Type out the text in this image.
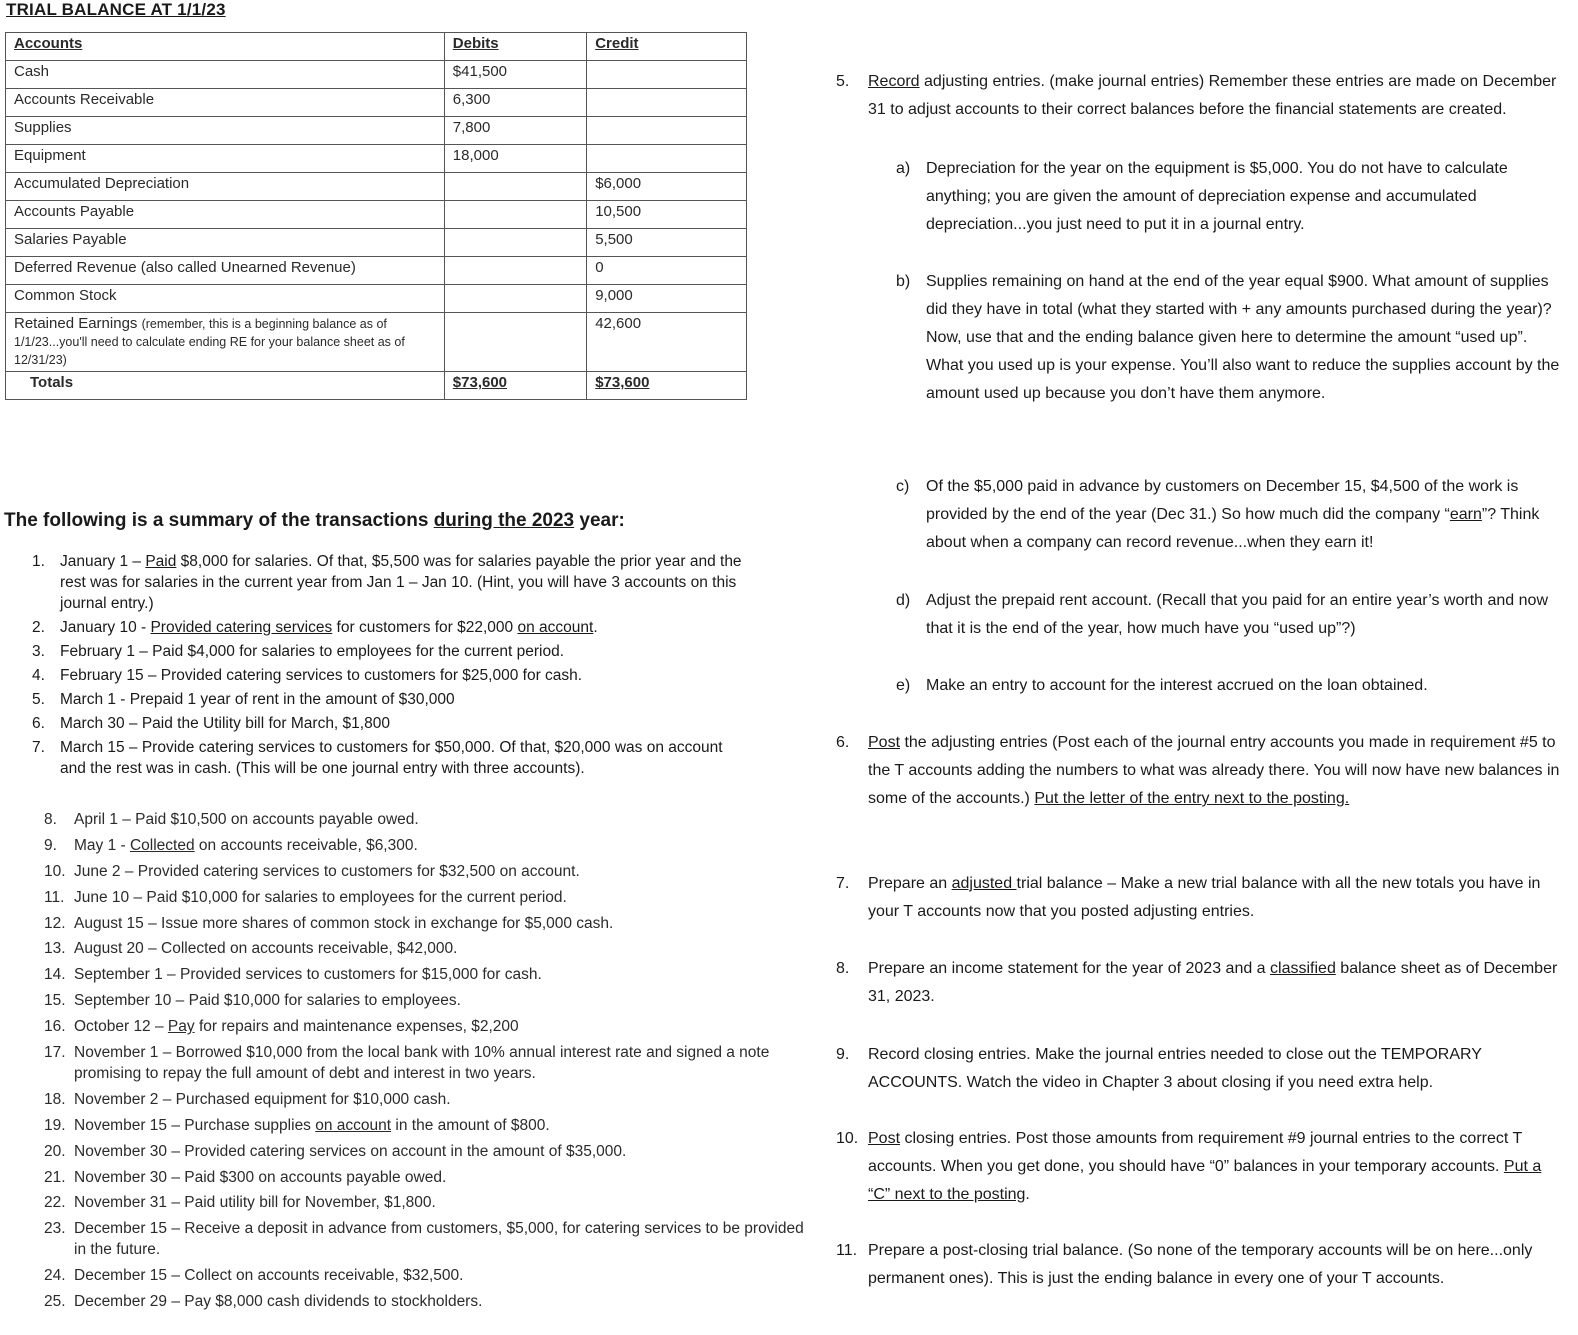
TRIAL BALANCE AT 1/1/23
Accounts	Debits	Credit
Cash	$41,500	
Accounts Receivable	6,300	
Supplies	7,800	
Equipment	18,000	
Accumulated Depreciation		$6,000
Accounts Payable		10,500
Salaries Payable		5,500
Deferred Revenue (also called Unearned Revenue)		0
Common Stock		9,000
Retained Earnings (remember, this is a beginning balance as of 1/1/23...you'll need to calculate ending RE for your balance sheet as of 12/31/23)		42,600
Totals	$73,600	$73,600
The following is a summary of the transactions during the 2023 year:
1. January 1 – Paid $8,000 for salaries. Of that, $5,500 was for salaries payable the prior year and the rest was for salaries in the current year from Jan 1 – Jan 10. (Hint, you will have 3 accounts on this journal entry.)
2. January 10 - Provided catering services for customers for $22,000 on account.
3. February 1 – Paid $4,000 for salaries to employees for the current period.
4. February 15 – Provided catering services to customers for $25,000 for cash.
5. March 1 - Prepaid 1 year of rent in the amount of $30,000
6. March 30 – Paid the Utility bill for March, $1,800
7. March 15 – Provide catering services to customers for $50,000. Of that, $20,000 was on account and the rest was in cash. (This will be one journal entry with three accounts).
8. April 1 – Paid $10,500 on accounts payable owed.
9. May 1 - Collected on accounts receivable, $6,300.
10. June 2 – Provided catering services to customers for $32,500 on account.
11. June 10 – Paid $10,000 for salaries to employees for the current period.
12. August 15 – Issue more shares of common stock in exchange for $5,000 cash.
13. August 20 – Collected on accounts receivable, $42,000.
14. September 1 – Provided services to customers for $15,000 for cash.
15. September 10 – Paid $10,000 for salaries to employees.
16. October 12 – Pay for repairs and maintenance expenses, $2,200
17. November 1 – Borrowed $10,000 from the local bank with 10% annual interest rate and signed a note promising to repay the full amount of debt and interest in two years.
18. November 2 – Purchased equipment for $10,000 cash.
19. November 15 – Purchase supplies on account in the amount of $800.
20. November 30 – Provided catering services on account in the amount of $35,000.
21. November 30 – Paid $300 on accounts payable owed.
22. November 31 – Paid utility bill for November, $1,800.
23. December 15 – Receive a deposit in advance from customers, $5,000, for catering services to be provided in the future.
24. December 15 – Collect on accounts receivable, $32,500.
25. December 29 – Pay $8,000 cash dividends to stockholders.
5. Record adjusting entries. (make journal entries) Remember these entries are made on December 31 to adjust accounts to their correct balances before the financial statements are created.
a) Depreciation for the year on the equipment is $5,000. You do not have to calculate anything; you are given the amount of depreciation expense and accumulated depreciation...you just need to put it in a journal entry.
b) Supplies remaining on hand at the end of the year equal $900. What amount of supplies did they have in total (what they started with + any amounts purchased during the year)? Now, use that and the ending balance given here to determine the amount “used up”. What you used up is your expense. You’ll also want to reduce the supplies account by the amount used up because you don’t have them anymore.
c) Of the $5,000 paid in advance by customers on December 15, $4,500 of the work is provided by the end of the year (Dec 31.) So how much did the company “earn”? Think about when a company can record revenue...when they earn it!
d) Adjust the prepaid rent account. (Recall that you paid for an entire year’s worth and now that it is the end of the year, how much have you “used up”?)
e) Make an entry to account for the interest accrued on the loan obtained.
6. Post the adjusting entries (Post each of the journal entry accounts you made in requirement #5 to the T accounts adding the numbers to what was already there. You will now have new balances in some of the accounts.) Put the letter of the entry next to the posting.
7. Prepare an adjusted trial balance – Make a new trial balance with all the new totals you have in your T accounts now that you posted adjusting entries.
8. Prepare an income statement for the year of 2023 and a classified balance sheet as of December 31, 2023.
9. Record closing entries. Make the journal entries needed to close out the TEMPORARY ACCOUNTS. Watch the video in Chapter 3 about closing if you need extra help.
10. Post closing entries. Post those amounts from requirement #9 journal entries to the correct T accounts. When you get done, you should have “0” balances in your temporary accounts. Put a “C” next to the posting.
11. Prepare a post-closing trial balance. (So none of the temporary accounts will be on here...only permanent ones). This is just the ending balance in every one of your T accounts.
